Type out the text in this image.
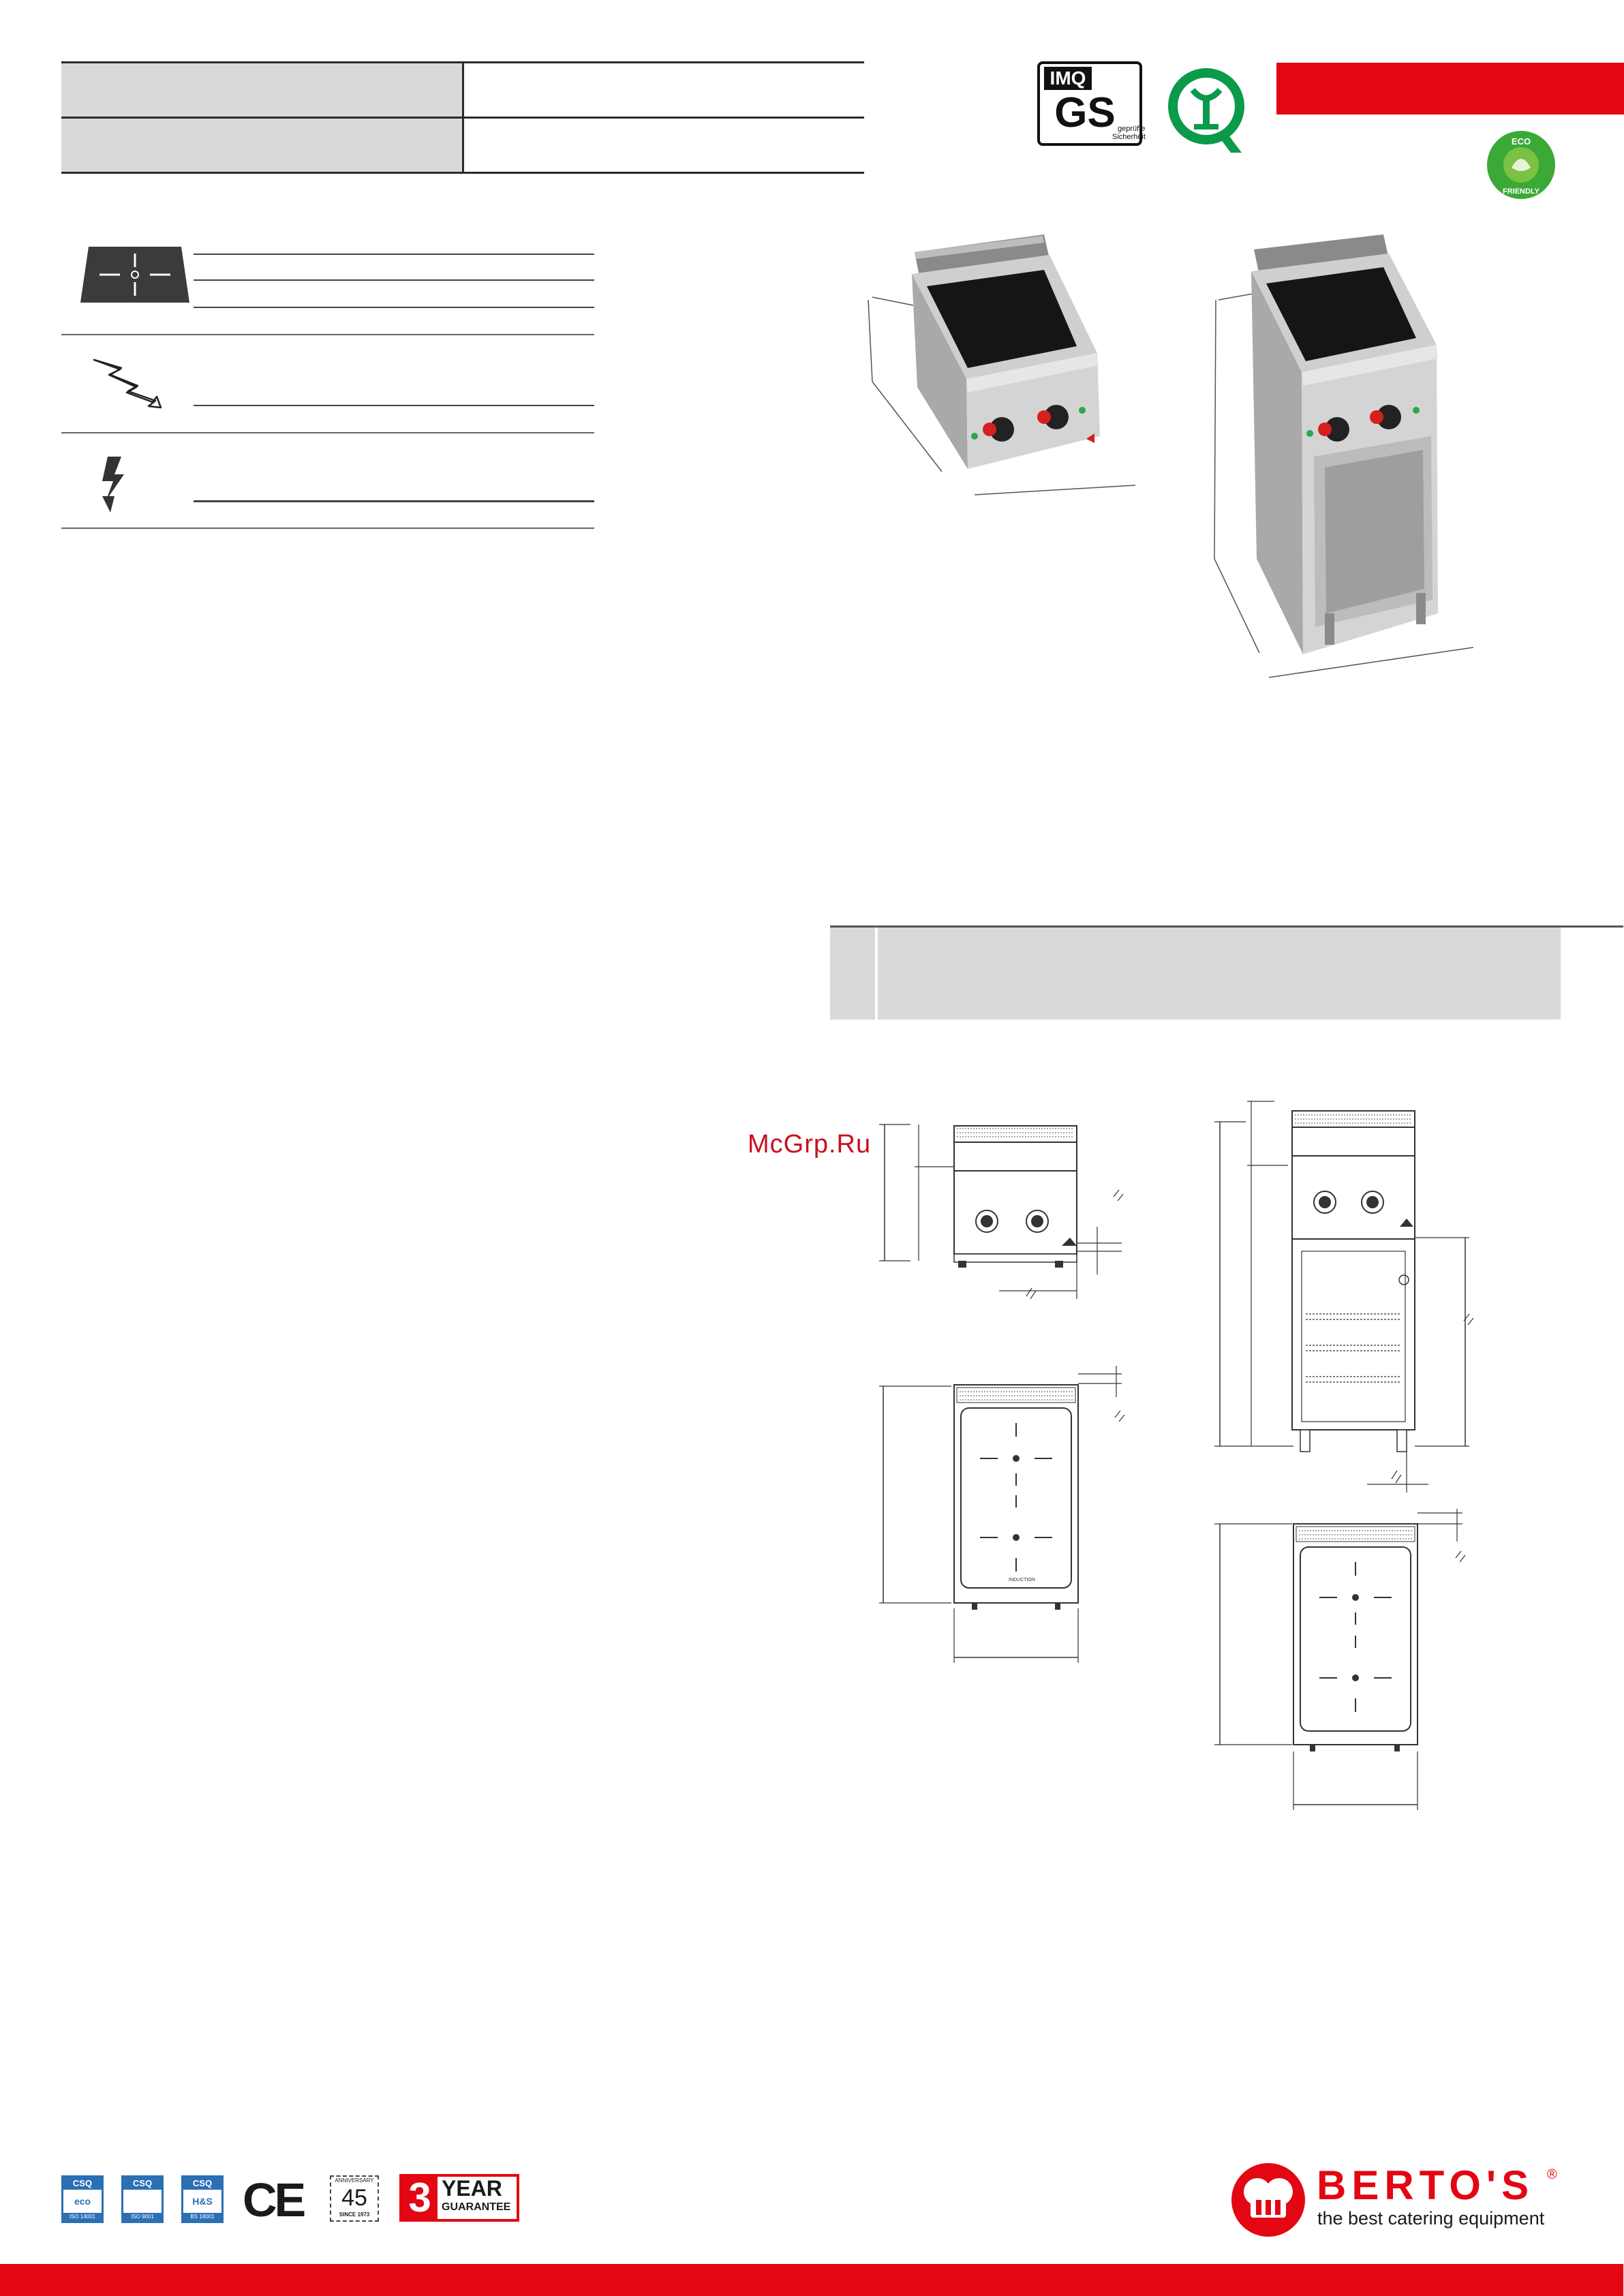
IMQ
GS geprüfte
Sicherheit	ECO
FRIENDLY
McGrp.Ru
INDUCTION
CSQ
eco
ISO 14001
CSQ
ISO 9001
CSQ
H&S
BS 18001 CE	ANNIVERSARY
45
SINCE 1973 3 YEAR
GUARANTEE	BERTO'S ®
the best catering equipment
